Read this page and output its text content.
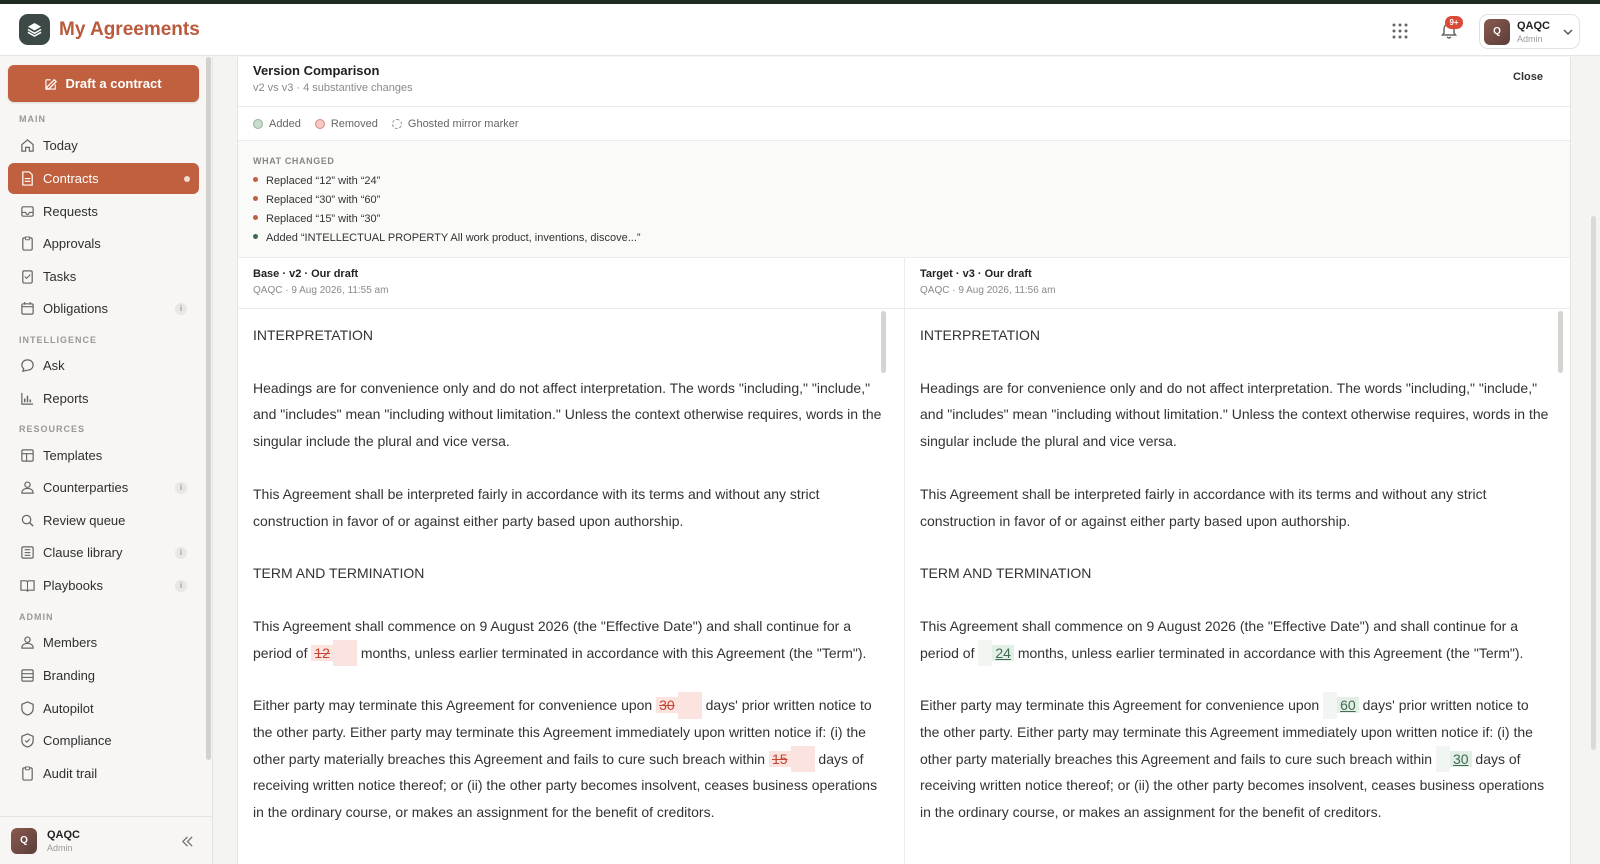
My Agreements	9+
Q	QAQC
Admin
Draft a contract
MAIN
Today
Contracts
Requests
Approvals
Tasks
Obligations	i
INTELLIGENCE
Ask
Reports
RESOURCES
Templates
Counterparties	i
Review queue
Clause library	i
Playbooks	i
ADMIN
Members
Branding
Autopilot
Compliance
Audit trail
Q	QAQC
Admin
Version Comparison
v2 vs v3 · 4 substantive changes
Close
Added	Removed	Ghosted mirror marker
WHAT CHANGED
Replaced “12” with “24”
Replaced “30” with “60”
Replaced “15” with “30”
Added “INTELLECTUAL PROPERTY All work product, inventions, discove...”
Base · v2 · Our draft
QAQC · 9 Aug 2026, 11:55 am
Target · v3 · Our draft
QAQC · 9 Aug 2026, 11:56 am

INTERPRETATION

Headings are for convenience only and do not affect interpretation. The words "including," "include," and "includes" mean "including without limitation." Unless the context otherwise requires, words in the singular include the plural and vice versa.

This Agreement shall be interpreted fairly in accordance with its terms and without any strict construction in favor of or against either party based upon authorship.

TERM AND TERMINATION

This Agreement shall commence on 9 August 2026 (the "Effective Date") and shall continue for a period of 12  months, unless earlier terminated in accordance with this Agreement (the "Term").

Either party may terminate this Agreement for convenience upon 30  days' prior written notice to the other party. Either party may terminate this Agreement immediately upon written notice if: (i) the other party materially breaches this Agreement and fails to cure such breach within 15  days of receiving written notice thereof; or (ii) the other party becomes insolvent, ceases business operations in the ordinary course, or makes an assignment for the benefit of creditors.

INTERPRETATION

Headings are for convenience only and do not affect interpretation. The words "including," "include," and "includes" mean "including without limitation." Unless the context otherwise requires, words in the singular include the plural and vice versa.

This Agreement shall be interpreted fairly in accordance with its terms and without any strict construction in favor of or against either party based upon authorship.

TERM AND TERMINATION

This Agreement shall commence on 9 August 2026 (the "Effective Date") and shall continue for a period of  24 months, unless earlier terminated in accordance with this Agreement (the "Term").

Either party may terminate this Agreement for convenience upon  60 days' prior written notice to the other party. Either party may terminate this Agreement immediately upon written notice if: (i) the other party materially breaches this Agreement and fails to cure such breach within  30 days of receiving written notice thereof; or (ii) the other party becomes insolvent, ceases business operations in the ordinary course, or makes an assignment for the benefit of creditors.
